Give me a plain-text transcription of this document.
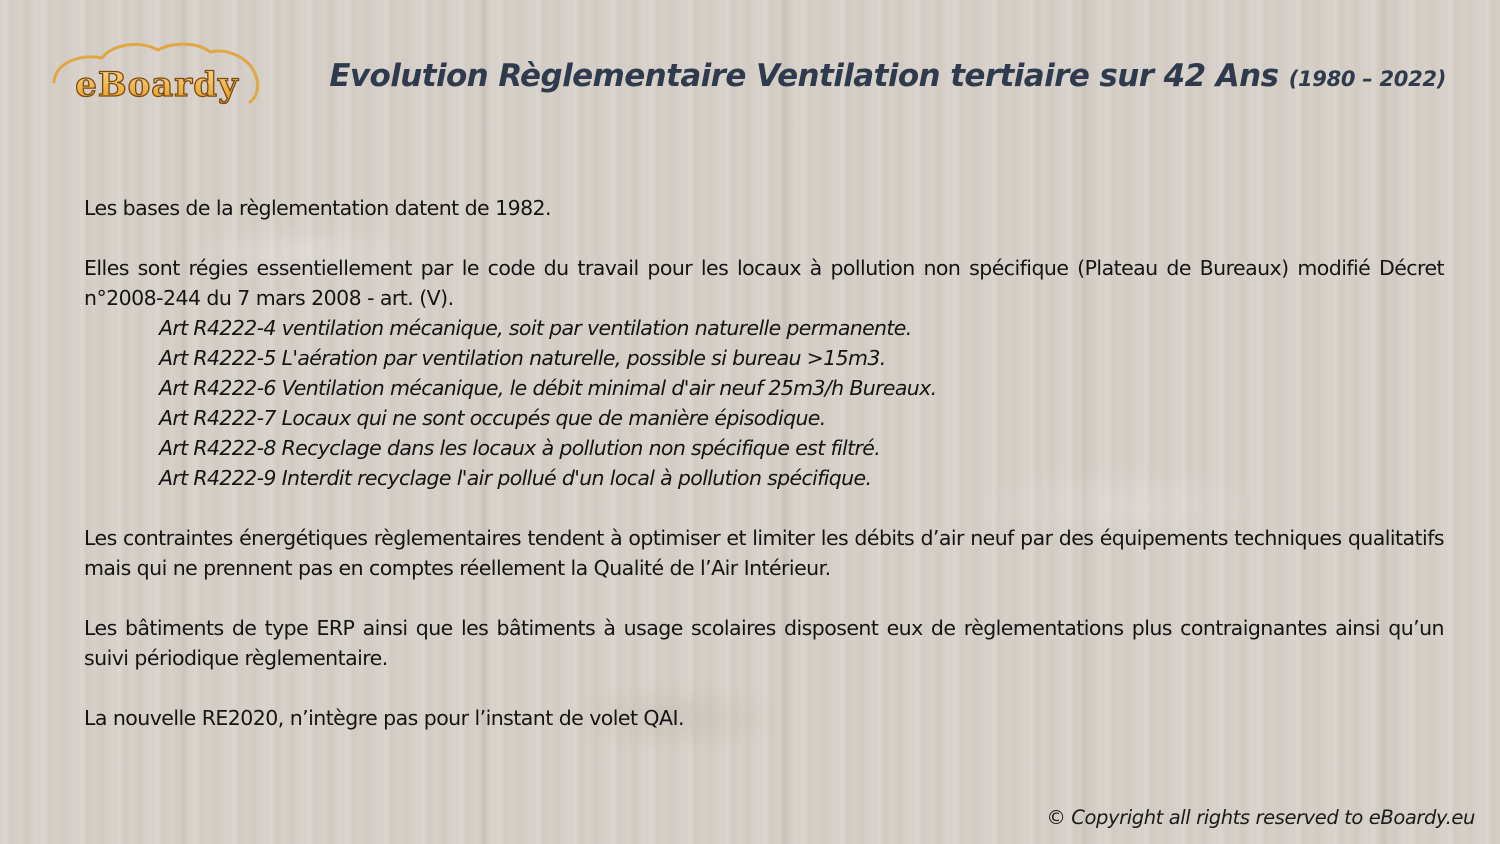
eBoardy	Evolution Règlementaire Ventilation tertiaire sur 42 Ans (1980 – 2022)

Les bases de la règlementation datent de 1982.

Elles sont régies essentiellement par le code du travail pour les locaux à pollution non spécifique (Plateau de Bureaux) modifié Décret n°2008-244 du 7 mars 2008 - art. (V).

Art R4222-4 ventilation mécanique, soit par ventilation naturelle permanente.
Art R4222-5 L'aération par ventilation naturelle, possible si bureau >15m3.
Art R4222-6 Ventilation mécanique, le débit minimal d'air neuf 25m3/h Bureaux.
Art R4222-7 Locaux qui ne sont occupés que de manière épisodique.
Art R4222-8 Recyclage dans les locaux à pollution non spécifique est filtré.
Art R4222-9 Interdit recyclage l'air pollué d'un local à pollution spécifique.

Les contraintes énergétiques règlementaires tendent à optimiser et limiter les débits d’air neuf par des équipements techniques qualitatifs mais qui ne prennent pas en comptes réellement la Qualité de l’Air Intérieur.

Les bâtiments de type ERP ainsi que les bâtiments à usage scolaires disposent eux de règlementations plus contraignantes ainsi qu’un suivi périodique règlementaire.

La nouvelle RE2020, n’intègre pas pour l’instant de volet QAI.

© Copyright all rights reserved to eBoardy.eu
